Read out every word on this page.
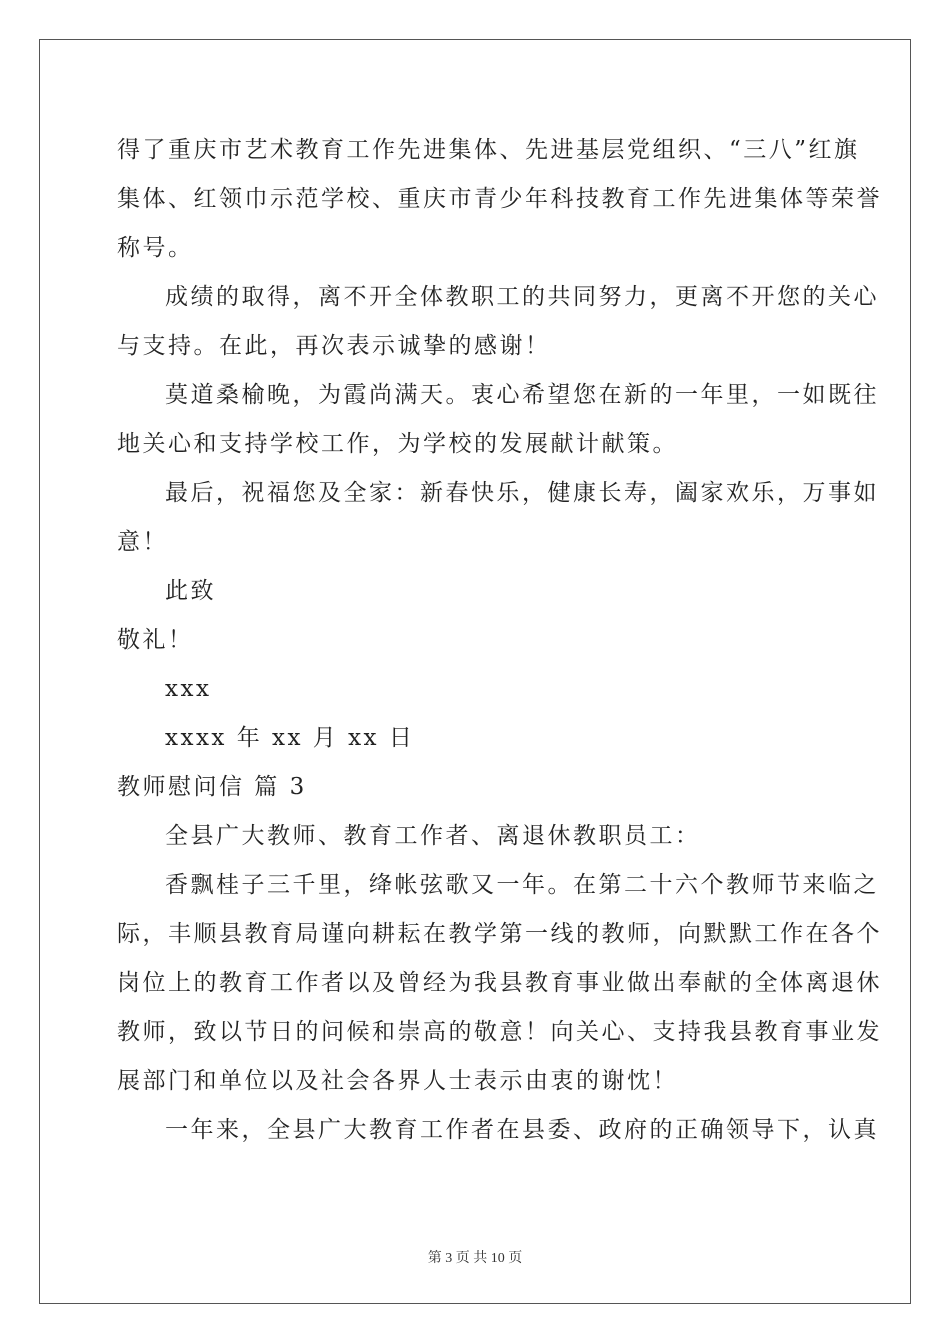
得了重庆市艺术教育工作先进集体、先进基层党组织、“三八”红旗
集体、红领巾示范学校、重庆市青少年科技教育工作先进集体等荣誉
称号。
成绩的取得，离不开全体教职工的共同努力，更离不开您的关心
与支持。在此，再次表示诚挚的感谢！
莫道桑榆晚，为霞尚满天。衷心希望您在新的一年里，一如既往
地关心和支持学校工作，为学校的发展献计献策。
最后，祝福您及全家：新春快乐，健康长寿，阖家欢乐，万事如
意！
此致
敬礼！
xxx
xxxx 年 xx 月 xx 日
教师慰问信 篇 3
全县广大教师、教育工作者、离退休教职员工：
香飘桂子三千里，绛帐弦歌又一年。在第二十六个教师节来临之
际，丰顺县教育局谨向耕耘在教学第一线的教师，向默默工作在各个
岗位上的教育工作者以及曾经为我县教育事业做出奉献的全体离退休
教师，致以节日的问候和崇高的敬意！向关心、支持我县教育事业发
展部门和单位以及社会各界人士表示由衷的谢忱！
一年来，全县广大教育工作者在县委、政府的正确领导下，认真
第 3 页 共 10 页
